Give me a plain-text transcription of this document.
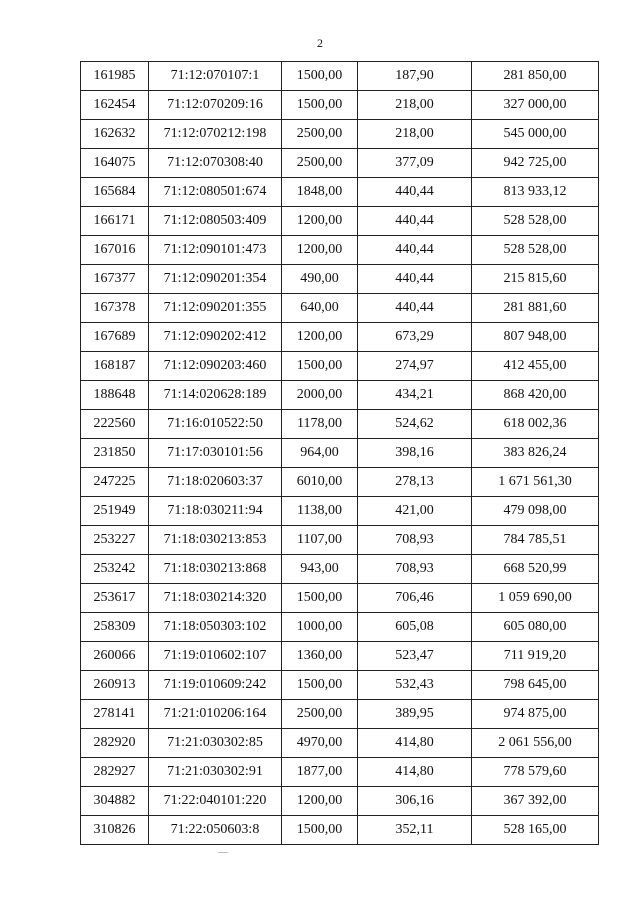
2
161985	71:12:070107:1	1500,00	187,90	281 850,00
162454	71:12:070209:16	1500,00	218,00	327 000,00
162632	71:12:070212:198	2500,00	218,00	545 000,00
164075	71:12:070308:40	2500,00	377,09	942 725,00
165684	71:12:080501:674	1848,00	440,44	813 933,12
166171	71:12:080503:409	1200,00	440,44	528 528,00
167016	71:12:090101:473	1200,00	440,44	528 528,00
167377	71:12:090201:354	490,00	440,44	215 815,60
167378	71:12:090201:355	640,00	440,44	281 881,60
167689	71:12:090202:412	1200,00	673,29	807 948,00
168187	71:12:090203:460	1500,00	274,97	412 455,00
188648	71:14:020628:189	2000,00	434,21	868 420,00
222560	71:16:010522:50	1178,00	524,62	618 002,36
231850	71:17:030101:56	964,00	398,16	383 826,24
247225	71:18:020603:37	6010,00	278,13	1 671 561,30
251949	71:18:030211:94	1138,00	421,00	479 098,00
253227	71:18:030213:853	1107,00	708,93	784 785,51
253242	71:18:030213:868	943,00	708,93	668 520,99
253617	71:18:030214:320	1500,00	706,46	1 059 690,00
258309	71:18:050303:102	1000,00	605,08	605 080,00
260066	71:19:010602:107	1360,00	523,47	711 919,20
260913	71:19:010609:242	1500,00	532,43	798 645,00
278141	71:21:010206:164	2500,00	389,95	974 875,00
282920	71:21:030302:85	4970,00	414,80	2 061 556,00
282927	71:21:030302:91	1877,00	414,80	778 579,60
304882	71:22:040101:220	1200,00	306,16	367 392,00
310826	71:22:050603:8	1500,00	352,11	528 165,00
